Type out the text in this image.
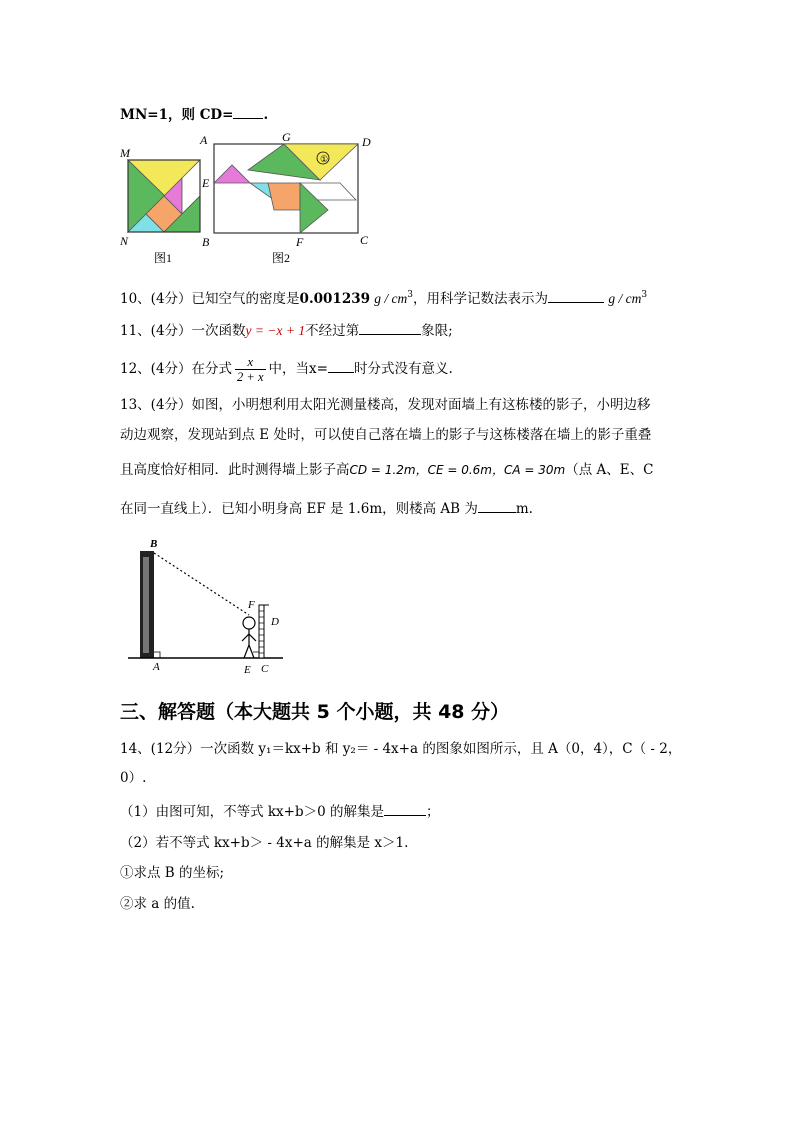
MN=1，则 CD= .
M
N
图1
①
A
E
B
G	D
F	C
图2
10、(4分）已知空气的密度是0.001239 g / $cm^3$，用科学记数法表示为	g / $cm^3$
11、(4分）一次函数y = −x + 1不经过第	象限;
12、(4分）在分式 $\frac{x}{2 + x}$ 中，当x= 时分式没有意义.
13、(4分）如图，小明想利用太阳光测量楼高，发现对面墙上有这栋楼的影子，小明边移
动边观察，发现站到点 E 处时，可以使自己落在墙上的影子与这栋楼落在墙上的影子重叠
且高度恰好相同．此时测得墙上影子高CD = 1.2m，CE = 0.6m，CA = 30m（点 A、E、C
在同一直线上）．已知小明身高 EF 是 1.6m，则楼高 AB 为	m.
B
A
F
D
E C
三、解答题（本大题共 5 个小题，共 48 分）
14、(12分）一次函数 y₁＝kx+b 和 y₂＝ - 4x+a 的图象如图所示，且 A（0，4），C（ - 2，
0）.
（1）由图可知，不等式 kx+b＞0 的解集是	；
（2）若不等式 kx+b＞ - 4x+a 的解集是 x＞1.
①求点 B 的坐标;
②求 a 的值.
